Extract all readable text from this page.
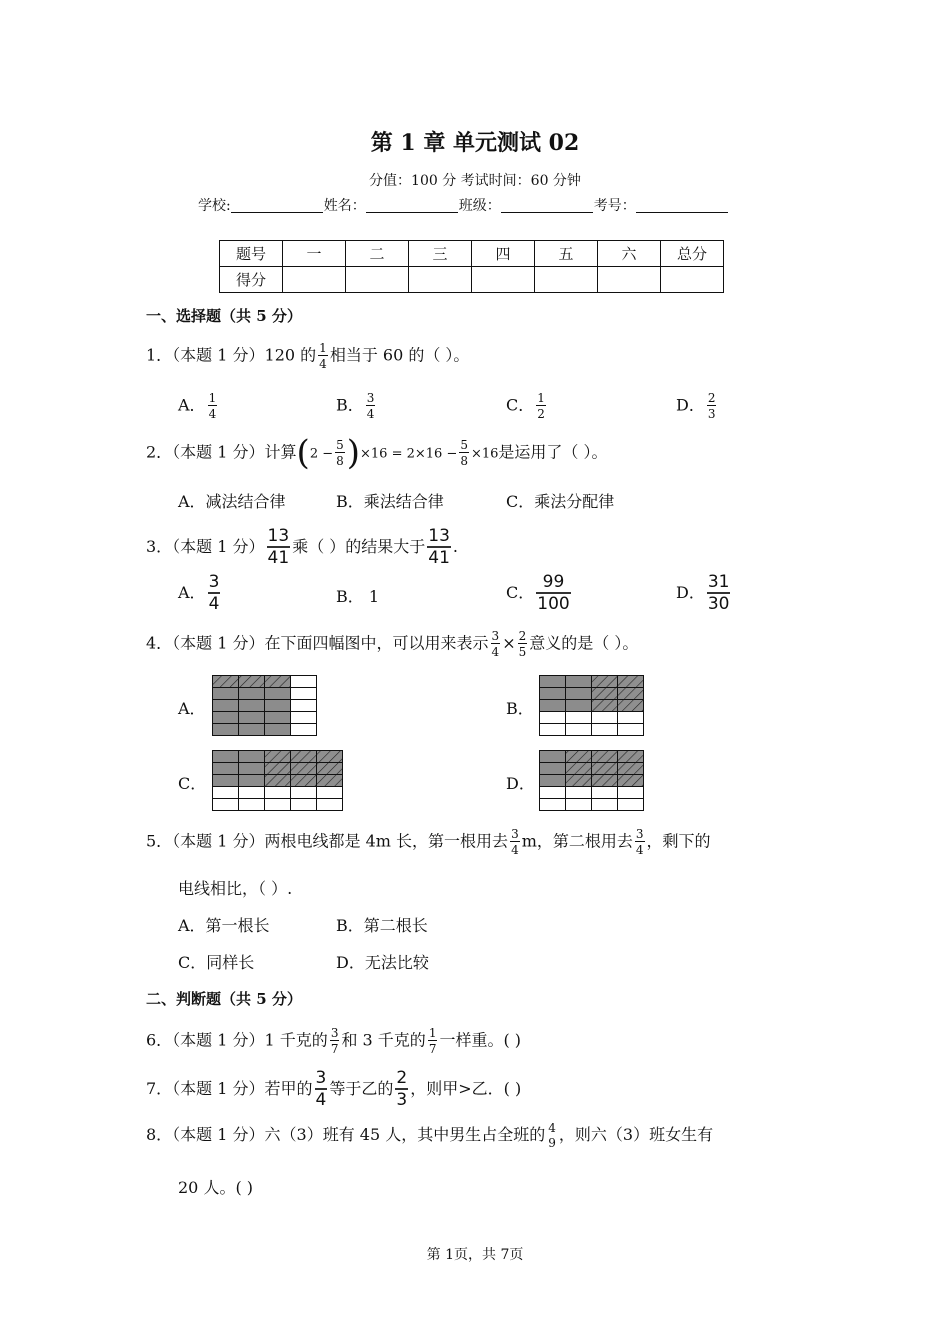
第 1 章 单元测试 02
分值：100 分 考试时间：60 分钟
学校:	姓名：	班级：	考号：
题号	一	二	三	四	五	六	总分
得分							
一、选择题（共 5 分）
1．（本题 1 分）120 的 $\frac{1}{4}$ 相当于 60 的（ ）。
A． $\frac{1}{4}$	B． $\frac{3}{4}$	C． $\frac{1}{2}$	D． $\frac{2}{3}$
2．（本题 1 分）计算$(2 - \frac{5}{8} )\times 16 = 2\times 16 - \frac{5}{8} \times 16$是运用了（ ）。
A．减法结合律	B．乘法结合律	C．乘法分配律
3．（本题 1 分） $\frac{13}{41}$ 乘（ ）的结果大于 $\frac{13}{41}$ .
A． $\frac{3}{4}$	B． 1	C． $\frac{99}{100}$	D． $\frac{31}{30}$
4．（本题 1 分）在下面四幅图中，可以用来表示 $\frac{3}{4} \times \frac{2}{5}$ 意义的是（ ）。
A．	B．
C．	D．
5．（本题 1 分）两根电线都是 4m 长，第一根用去 $\frac{3}{4}$ m，第二根用去 $\frac{3}{4}$ ，剩下的
电线相比，（ ）.
A．第一根长	B．第二根长
C．同样长	D．无法比较
二、判断题（共 5 分）
6．（本题 1 分）1 千克的 $\frac{3}{7}$ 和 3 千克的 $\frac{1}{7}$ 一样重。( )
7．（本题 1 分）若甲的 $\frac{3}{4}$ 等于乙的 $\frac{2}{3}$ ，则甲>乙．( )
8．（本题 1 分）六（3）班有 45 人，其中男生占全班的 4
9 ，则六（3）班女生有
20 人。( )
第 1页，共 7页
